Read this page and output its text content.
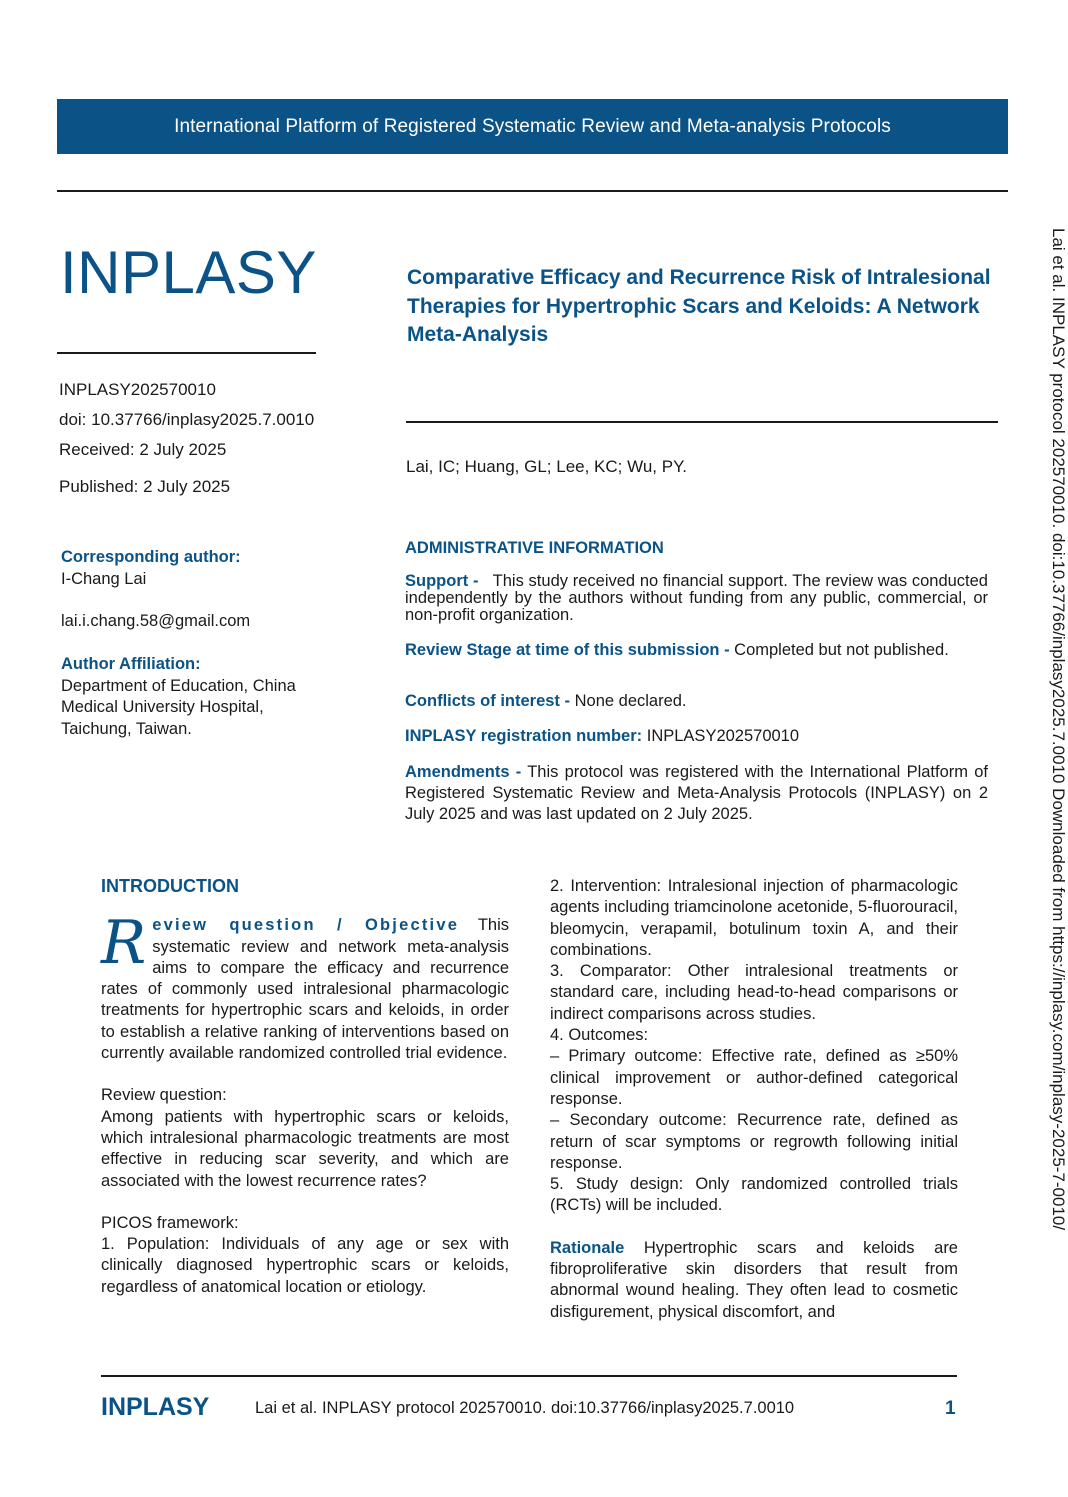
International Platform of Registered Systematic Review and Meta-analysis Protocols
INPLASY	Comparative Efficacy and Recurrence Risk of Intralesional Therapies for Hypertrophic Scars and Keloids: A Network Meta-Analysis
INPLASY202570010
doi: 10.37766/inplasy2025.7.0010
Received: 2 July 2025
Published: 2 July 2025
Lai, IC; Huang, GL; Lee, KC; Wu, PY.
Corresponding author:
I-Chang Lai
lai.i.chang.58@gmail.com
Author Affiliation:
Department of Education, China Medical University Hospital, Taichung, Taiwan.
ADMINISTRATIVE INFORMATION

Support - This study received no financial support. The review was conducted independently by the authors without funding from any public, commercial, or non-profit organization.

Review Stage at time of this submission - Completed but not published.

Conflicts of interest - None declared.

INPLASY registration number: INPLASY202570010

Amendments - This protocol was registered with the International Platform of Registered Systematic Review and Meta-Analysis Protocols (INPLASY) on 2 July 2025 and was last updated on 2 July 2025.

INTRODUCTION

R eview question / Objective This systematic review and network meta-analysis aims to compare the efficacy and recurrence rates of commonly used intralesional pharmacologic treatments for hypertrophic scars and keloids, in order to establish a relative ranking of interventions based on currently available randomized controlled trial evidence.

Review question:

Among patients with hypertrophic scars or keloids, which intralesional pharmacologic treatments are most effective in reducing scar severity, and which are associated with the lowest recurrence rates?

PICOS framework:

1. Population: Individuals of any age or sex with clinically diagnosed hypertrophic scars or keloids, regardless of anatomical location or etiology.

2. Intervention: Intralesional injection of pharmacologic agents including triamcinolone acetonide, 5-fluorouracil, bleomycin, verapamil, botulinum toxin A, and their combinations.

3. Comparator: Other intralesional treatments or standard care, including head-to-head comparisons or indirect comparisons across studies.

4. Outcomes:

– Primary outcome: Effective rate, defined as ≥50% clinical improvement or author-defined categorical response.

– Secondary outcome: Recurrence rate, defined as return of scar symptoms or regrowth following initial response.

5. Study design: Only randomized controlled trials (RCTs) will be included.

Rationale Hypertrophic scars and keloids are fibroproliferative skin disorders that result from abnormal wound healing. They often lead to cosmetic disfigurement, physical discomfort, and

INPLASY	Lai et al. INPLASY protocol 202570010. doi:10.37766/inplasy2025.7.0010	1
Lai et al. INPLASY protocol 202570010. doi:10.37766/inplasy2025.7.0010 Downloaded from https://inplasy.com/inplasy-2025-7-0010/
